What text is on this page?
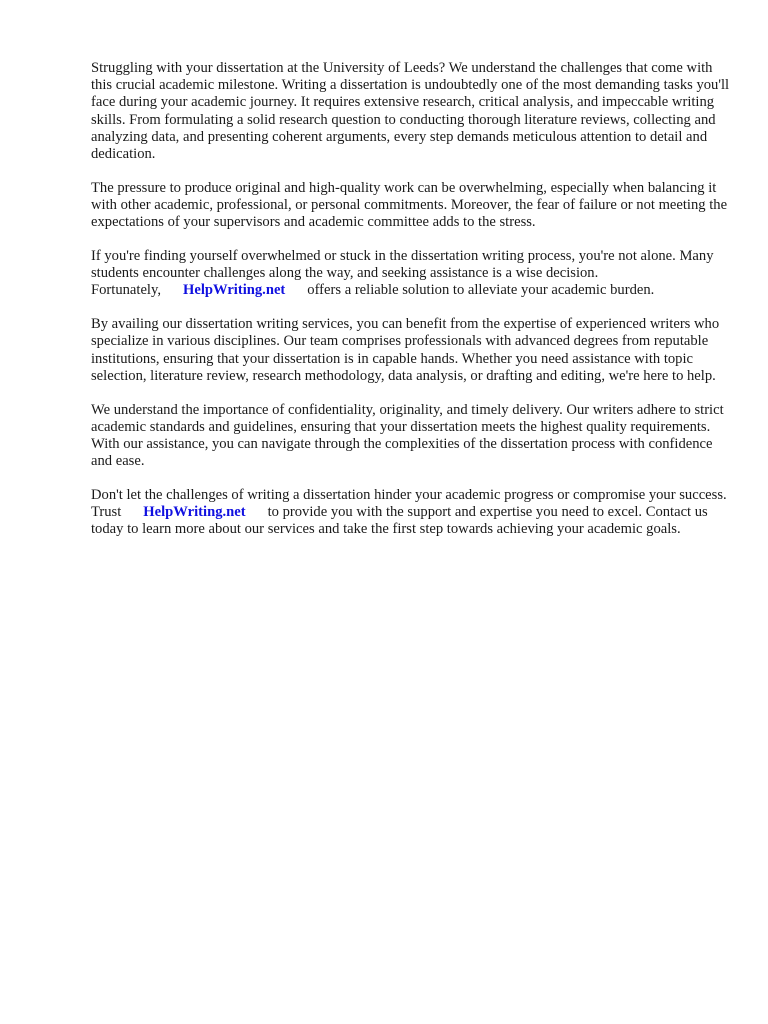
Struggling with your dissertation at the University of Leeds? We understand the challenges that come with this crucial academic milestone. Writing a dissertation is undoubtedly one of the most demanding tasks you'll face during your academic journey. It requires extensive research, critical analysis, and impeccable writing skills. From formulating a solid research question to conducting thorough literature reviews, collecting and analyzing data, and presenting coherent arguments, every step demands meticulous attention to detail and dedication.

The pressure to produce original and high-quality work can be overwhelming, especially when balancing it with other academic, professional, or personal commitments. Moreover, the fear of failure or not meeting the expectations of your supervisors and academic committee adds to the stress.

If you're finding yourself overwhelmed or stuck in the dissertation writing process, you're not alone. Many students encounter challenges along the way, and seeking assistance is a wise decision. Fortunately, HelpWriting.net offers a reliable solution to alleviate your academic burden.

By availing our dissertation writing services, you can benefit from the expertise of experienced writers who specialize in various disciplines. Our team comprises professionals with advanced degrees from reputable institutions, ensuring that your dissertation is in capable hands. Whether you need assistance with topic selection, literature review, research methodology, data analysis, or drafting and editing, we're here to help.

We understand the importance of confidentiality, originality, and timely delivery. Our writers adhere to strict academic standards and guidelines, ensuring that your dissertation meets the highest quality requirements. With our assistance, you can navigate through the complexities of the dissertation process with confidence and ease.

Don't let the challenges of writing a dissertation hinder your academic progress or compromise your success. Trust HelpWriting.net to provide you with the support and expertise you need to excel. Contact us today to learn more about our services and take the first step towards achieving your academic goals.
